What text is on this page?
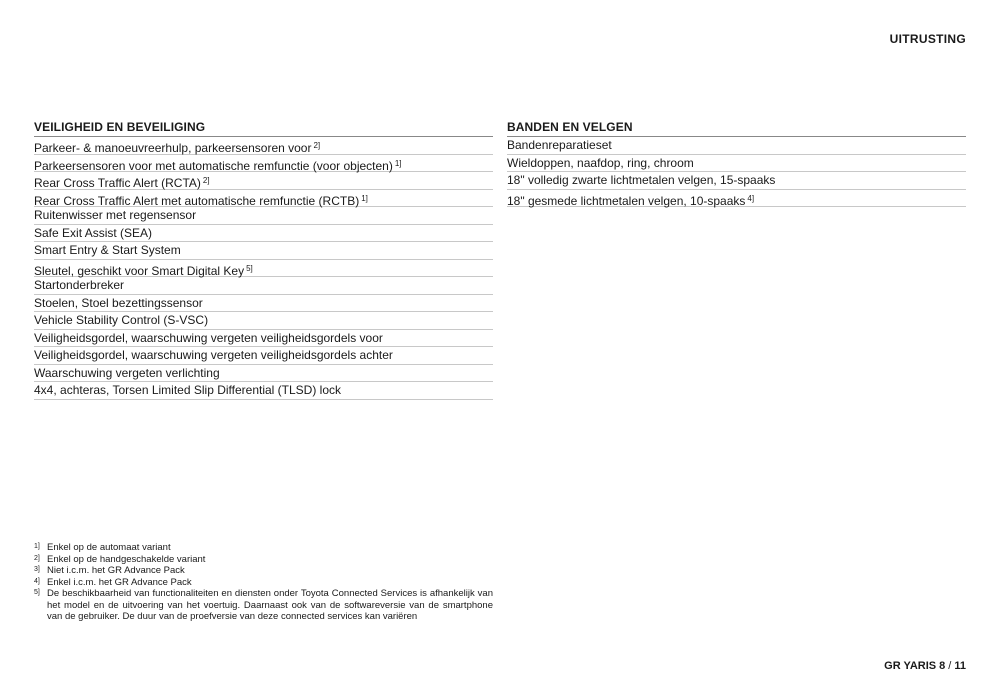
UITRUSTING
VEILIGHEID EN BEVEILIGING
Parkeer- & manoeuvreerhulp, parkeersensoren voor $^{2]}$
Parkeersensoren voor met automatische remfunctie (voor objecten) $^{1]}$
Rear Cross Traffic Alert (RCTA) $^{2]}$
Rear Cross Traffic Alert met automatische remfunctie (RCTB) $^{1]}$
Ruitenwisser met regensensor
Safe Exit Assist (SEA)
Smart Entry & Start System
Sleutel, geschikt voor Smart Digital Key $^{5]}$
Startonderbreker
Stoelen, Stoel bezettingssensor
Vehicle Stability Control (S-VSC)
Veiligheidsgordel, waarschuwing vergeten veiligheidsgordels voor
Veiligheidsgordel, waarschuwing vergeten veiligheidsgordels achter
Waarschuwing vergeten verlichting
4x4, achteras, Torsen Limited Slip Differential (TLSD) lock
BANDEN EN VELGEN
Bandenreparatieset
Wieldoppen, naafdop, ring, chroom
18" volledig zwarte lichtmetalen velgen, 15-spaaks
18" gesmede lichtmetalen velgen, 10-spaaks $^{4]}$
1] Enkel op de automaat variant
2] Enkel op de handgeschakelde variant
3] Niet i.c.m. het GR Advance Pack
4] Enkel i.c.m. het GR Advance Pack
5] De beschikbaarheid van functionaliteiten en diensten onder Toyota Connected Services is afhankelijk van het model en de uitvoering van het voertuig. Daarnaast ook van de softwareversie van de smartphone van de gebruiker. De duur van de proefversie van deze connected services kan variëren
GR YARIS 8 / 11
